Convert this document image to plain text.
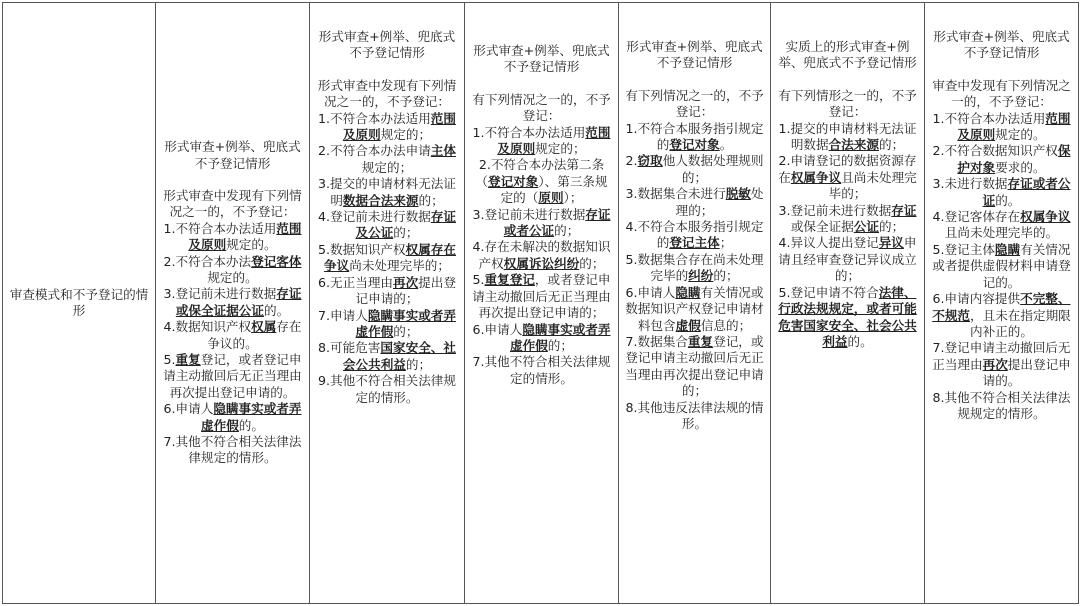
审查模式和不予登记的情形	
形式审查+例举、兜底式不予登记情形
形式审查中发现有下列情况之一的，不予登记：
1.不符合本办法适用范围及原则规定的。
2.不符合本办法登记客体规定的。
3.登记前未进行数据存证或保全证据公证的。
4.数据知识产权权属存在争议的。
5.重复登记，或者登记申请主动撤回后无正当理由再次提出登记申请的。
6.申请人隐瞒事实或者弄虚作假的。
7.其他不符合相关法律法律规定的情形。

形式审查+例举、兜底式不予登记情形
形式审查中发现有下列情况之一的，不予登记：
1.不符合本办法适用范围及原则规定的；
2.不符合本办法申请主体规定的；
3.提交的申请材料无法证明数据合法来源的；
4.登记前未进行数据存证及公证的；
5.数据知识产权权属存在争议尚未处理完毕的；
6.无正当理由再次提出登记申请的；
7.申请人隐瞒事实或者弄虚作假的；
8.可能危害国家安全、社会公共利益的；
9.其他不符合相关法律规定的情形。

形式审查+例举、兜底式不予登记情形
有下列情况之一的，不予登记：
1.不符合本办法适用范围及原则规定的；
2.不符合本办法第二条（登记对象）、第三条规定的（原则）；
3.登记前未进行数据存证或者公证的；
4.存在未解决的数据知识产权权属诉讼纠纷的；
5.重复登记，或者登记申请主动撤回后无正当理由再次提出登记申请的；
6.申请人隐瞒事实或者弄虚作假的；
7.其他不符合相关法律规定的情形。

形式审查+例举、兜底式不予登记情形
有下列情况之一的，不予登记：
1.不符合本服务指引规定的登记对象。
2.窃取他人数据处理规则的；
3.数据集合未进行脱敏处理的；
4.不符合本服务指引规定的登记主体；
5.数据集合存在尚未处理完毕的纠纷的；
6.申请人隐瞒有关情况或数据知识产权登记申请材料包含虚假信息的；
7.数据集合重复登记，或登记申请主动撤回后无正当理由再次提出登记申请的；
8.其他违反法律法规的情形。

实质上的形式审查+例举、兜底式不予登记情形
有下列情形之一的，不予登记：
1.提交的申请材料无法证明数据合法来源的；
2.申请登记的数据资源存在权属争议且尚未处理完毕的；
3.登记前未进行数据存证或保全证据公证的；
4.异议人提出登记异议申请且经审查登记异议成立的；
5.登记申请不符合法律、行政法规规定，或者可能危害国家安全、社会公共利益的。

形式审查+例举、兜底式不予登记情形
审查中发现有下列情况之一的，不予登记：
1.不符合本办法适用范围及原则规定的。
2.不符合数据知识产权保护对象要求的。
3.未进行数据存证或者公证的。
4.登记客体存在权属争议且尚未处理完毕的。
5.登记主体隐瞒有关情况或者提供虚假材料申请登记的。
6.申请内容提供不完整、不规范，且未在指定期限内补正的。
7.登记申请主动撤回后无正当理由再次提出登记申请的。
8.其他不符合相关法律法规规定的情形。
